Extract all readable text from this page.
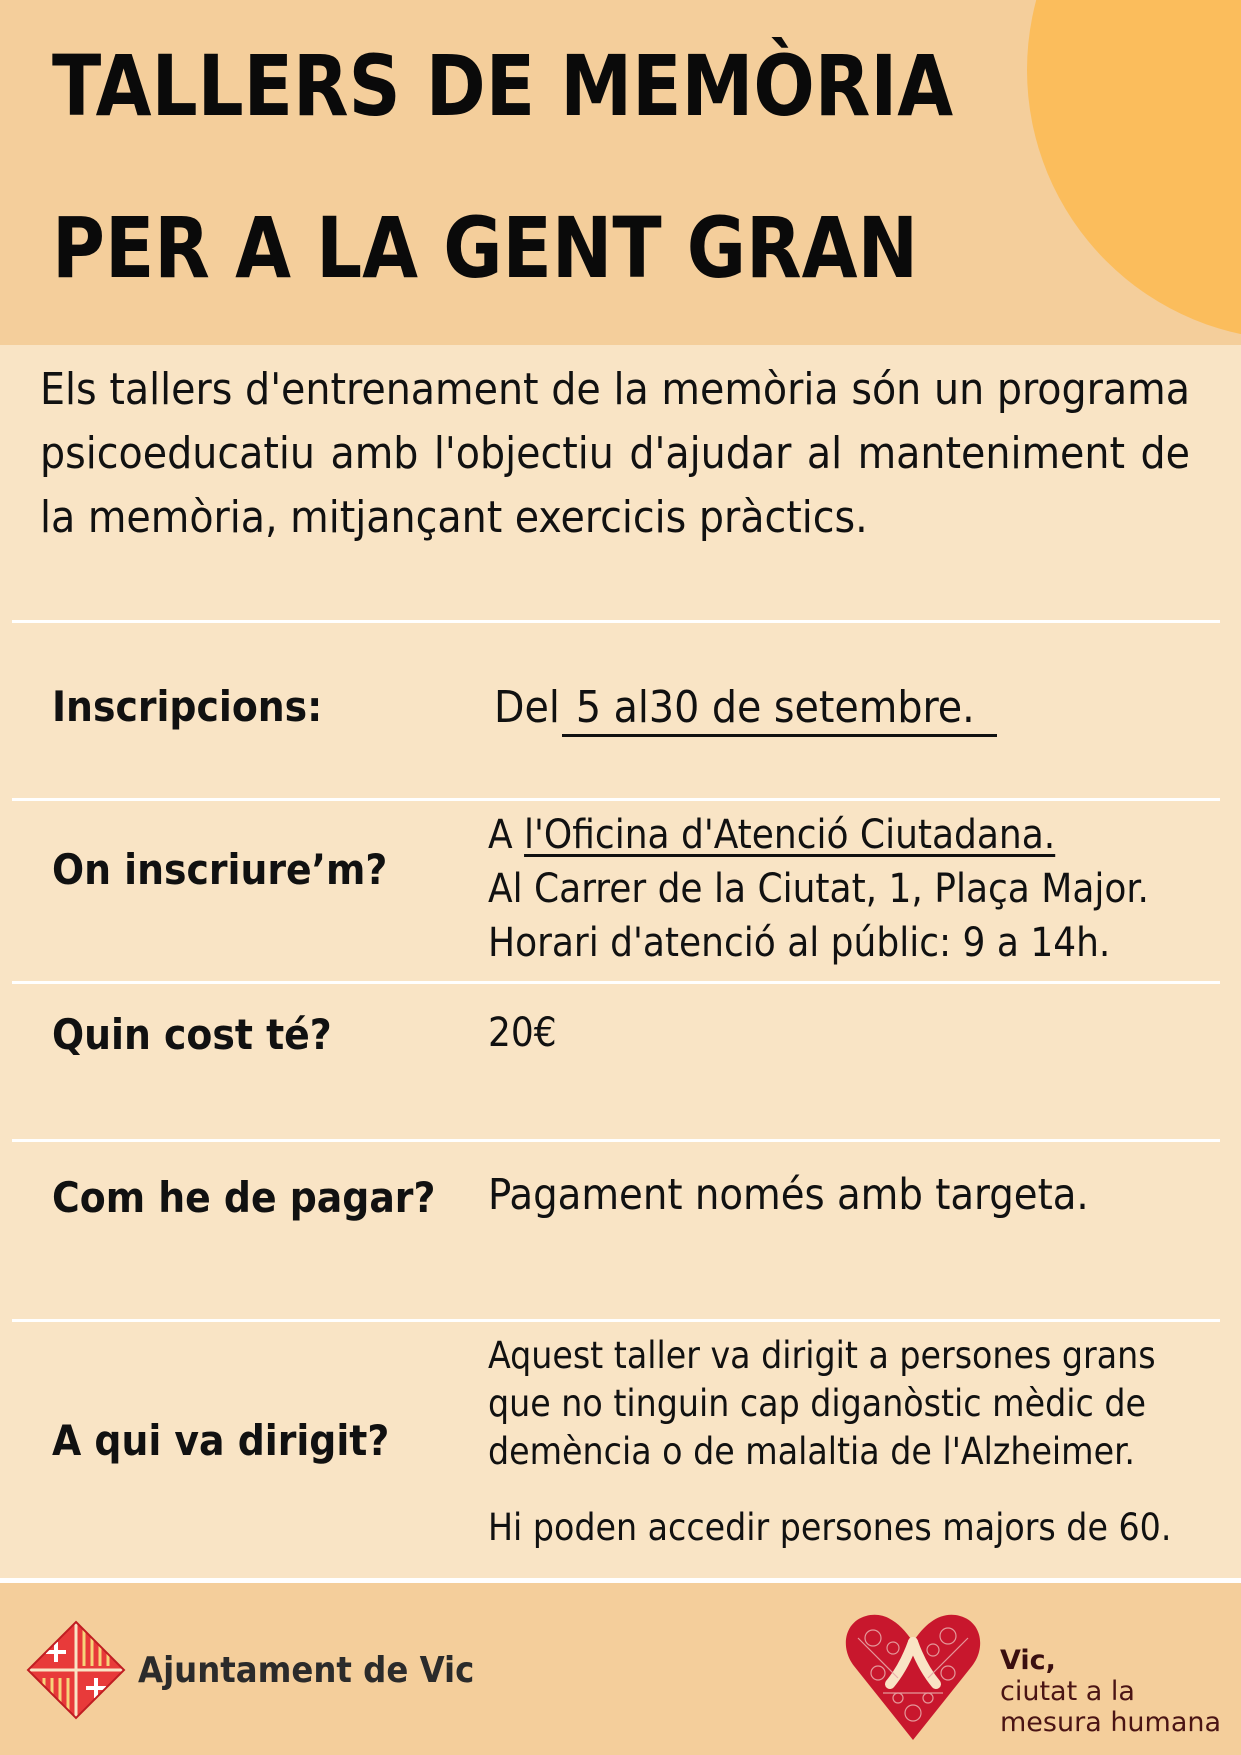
TALLERS DE MEMÒRIA
PER A LA GENT GRAN

Els tallers d'entrenament de la memòria són un programa psicoeducatiu amb l'objectiu d'ajudar al manteniment de la memòria, mitjançant exercicis pràctics.

Inscripcions:	Del 5 al30 de setembre.
On inscriure’m?
A l'Oficina d'Atenció Ciutadana.
Al Carrer de la Ciutat, 1, Plaça Major.
Horari d'atenció al públic: 9 a 14h.
Quin cost té?	20€
Com he de pagar? Pagament només amb targeta.
A qui va dirigit?
Aquest taller va dirigit a persones grans
que no tinguin cap diganòstic mèdic de
demència o de malaltia de l'Alzheimer.
Hi poden accedir persones majors de 60.
Ajuntament de Vic	Vic,
ciutat a la
mesura humana
